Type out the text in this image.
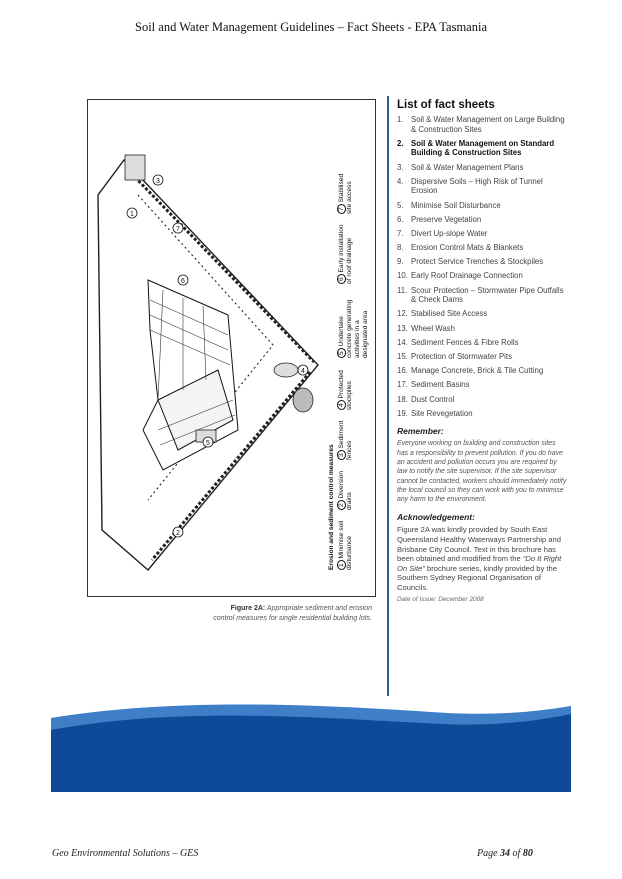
Soil and Water Management Guidelines – Fact Sheets - EPA Tasmania
1
2
3
4
5
6
7
Erosion and sediment control measures 1 Minimise soil disturbance
2 Diversion drains
3 Sediment fences
4 Protected stockpiles
5 Undertake concrete generating activities in a designated area
6 Early installation of roof drainage
7 Stabilised site access
Figure 2A: Appropriate sediment and erosion control measures for single residential building lots.
List of fact sheets
1. Soil & Water Management on Large Building & Construction Sites
2. Soil & Water Management on Standard Building & Construction Sites
3. Soil & Water Management Plans
4. Dispersive Soils – High Risk of Tunnel Erosion
5. Minimise Soil Disturbance
6. Preserve Vegetation
7. Divert Up-slope Water
8. Erosion Control Mats & Blankets
9. Protect Service Trenches & Stockpiles
10. Early Roof Drainage Connection
11. Scour Protection – Stormwater Pipe Outfalls & Check Dams
12. Stabilised Site Access
13. Wheel Wash
14. Sediment Fences & Fibre Rolls
15. Protection of Stormwater Pits
16. Manage Concrete, Brick & Tile Cutting
17. Sediment Basins
18. Dust Control
19. Site Revegetation
Remember:
Everyone working on building and construction sites has a responsibility to prevent pollution. If you do have an accident and pollution occurs you are required by law to notify the site supervisor. If the site supervisor cannot be contacted, workers should immediately notify the local council so they can work with you to minimise any harm to the environment.
Acknowledgement:
Figure 2A was kindly provided by South East Queensland Healthy Waterways Partnership and Brisbane City Council. Text in this brochure has been obtained and modified from the “Do It Right On Site” brochure series, kindly provided by the Southern Sydney Regional Organisation of Councils.
Date of Issue: December 2008
Geo Environmental Solutions – GES	Page 34 of 80
